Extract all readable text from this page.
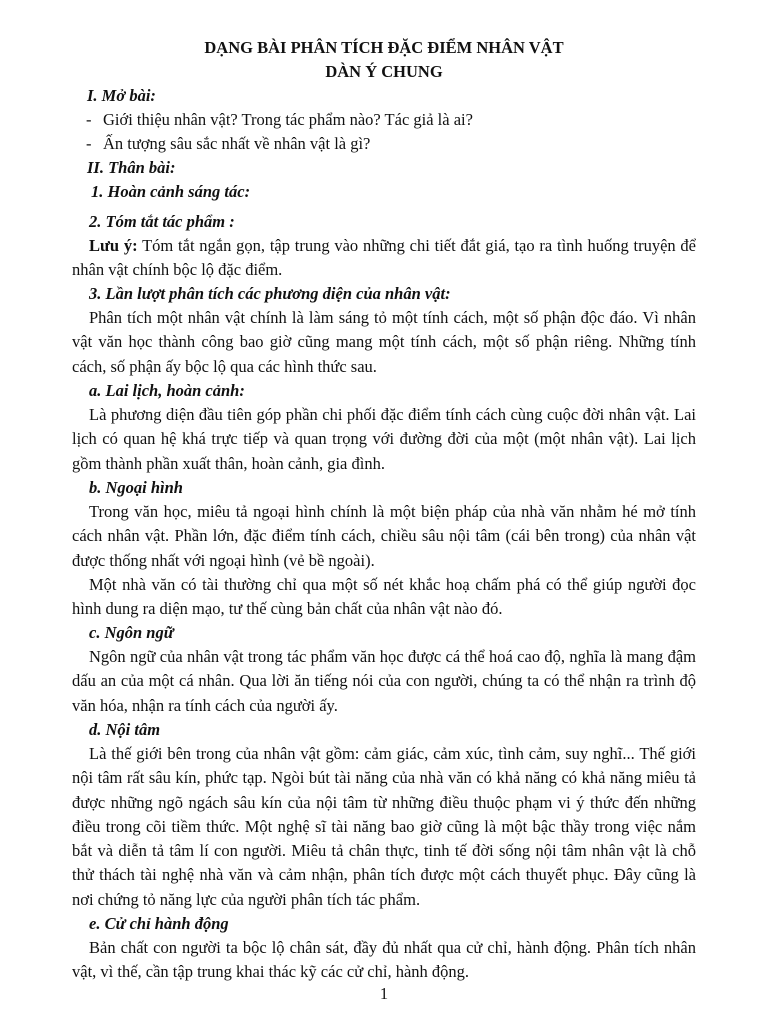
DẠNG BÀI PHÂN TÍCH ĐẶC ĐIỂM NHÂN VẬT
DÀN Ý CHUNG
I. Mở bài:
- Giới thiệu nhân vật? Trong tác phẩm nào? Tác giả là ai?
- Ấn tượng sâu sắc nhất về nhân vật là gì?
II. Thân bài:
1. Hoàn cảnh sáng tác:
2. Tóm tắt tác phẩm :
Lưu ý: Tóm tắt ngắn gọn, tập trung vào những chi tiết đắt giá, tạo ra tình huống truyện để nhân vật chính bộc lộ đặc điểm.
3. Lần lượt phân tích các phương diện của nhân vật:
Phân tích một nhân vật chính là làm sáng tỏ một tính cách, một số phận độc đáo. Vì nhân vật văn học thành công bao giờ cũng mang một tính cách, một số phận riêng. Những tính cách, số phận ấy bộc lộ qua các hình thức sau.
a. Lai lịch, hoàn cảnh:
Là phương diện đầu tiên góp phần chi phối đặc điểm tính cách cùng cuộc đời nhân vật. Lai lịch có quan hệ khá trực tiếp và quan trọng với đường đời của một (một nhân vật). Lai lịch gồm thành phần xuất thân, hoàn cảnh, gia đình.
b. Ngoại hình
Trong văn học, miêu tả ngoại hình chính là một biện pháp của nhà văn nhằm hé mở tính cách nhân vật. Phần lớn, đặc điểm tính cách, chiều sâu nội tâm (cái bên trong) của nhân vật được thống nhất với ngoại hình (vẻ bề ngoài).
Một nhà văn có tài thường chỉ qua một số nét khắc hoạ chấm phá có thể giúp người đọc hình dung ra diện mạo, tư thế cùng bản chất của nhân vật nào đó.
c. Ngôn ngữ
Ngôn ngữ của nhân vật trong tác phẩm văn học được cá thể hoá cao độ, nghĩa là mang đậm dấu an của một cá nhân. Qua lời ăn tiếng nói của con người, chúng ta có thể nhận ra trình độ văn hóa, nhận ra tính cách của người ấy.
d. Nội tâm
Là thế giới bên trong của nhân vật gồm: cảm giác, cảm xúc, tình cảm, suy nghĩ... Thế giới nội tâm rất sâu kín, phức tạp. Ngòi bút tài năng của nhà văn có khả năng có khả năng miêu tả được những ngõ ngách sâu kín của nội tâm từ những điều thuộc phạm vi ý thức đến những điều trong cõi tiềm thức. Một nghệ sĩ tài năng bao giờ cũng là một bậc thầy trong việc nắm bắt và diễn tả tâm lí con người. Miêu tả chân thực, tinh tế đời sống nội tâm nhân vật là chỗ thử thách tài nghệ nhà văn và cảm nhận, phân tích được một cách thuyết phục. Đây cũng là nơi chứng tỏ năng lực của người phân tích tác phẩm.
e. Cử chỉ hành động
Bản chất con người ta bộc lộ chân sát, đầy đủ nhất qua cử chỉ, hành động. Phân tích nhân vật, vì thế, cần tập trung khai thác kỹ các cử chỉ, hành động.
1
